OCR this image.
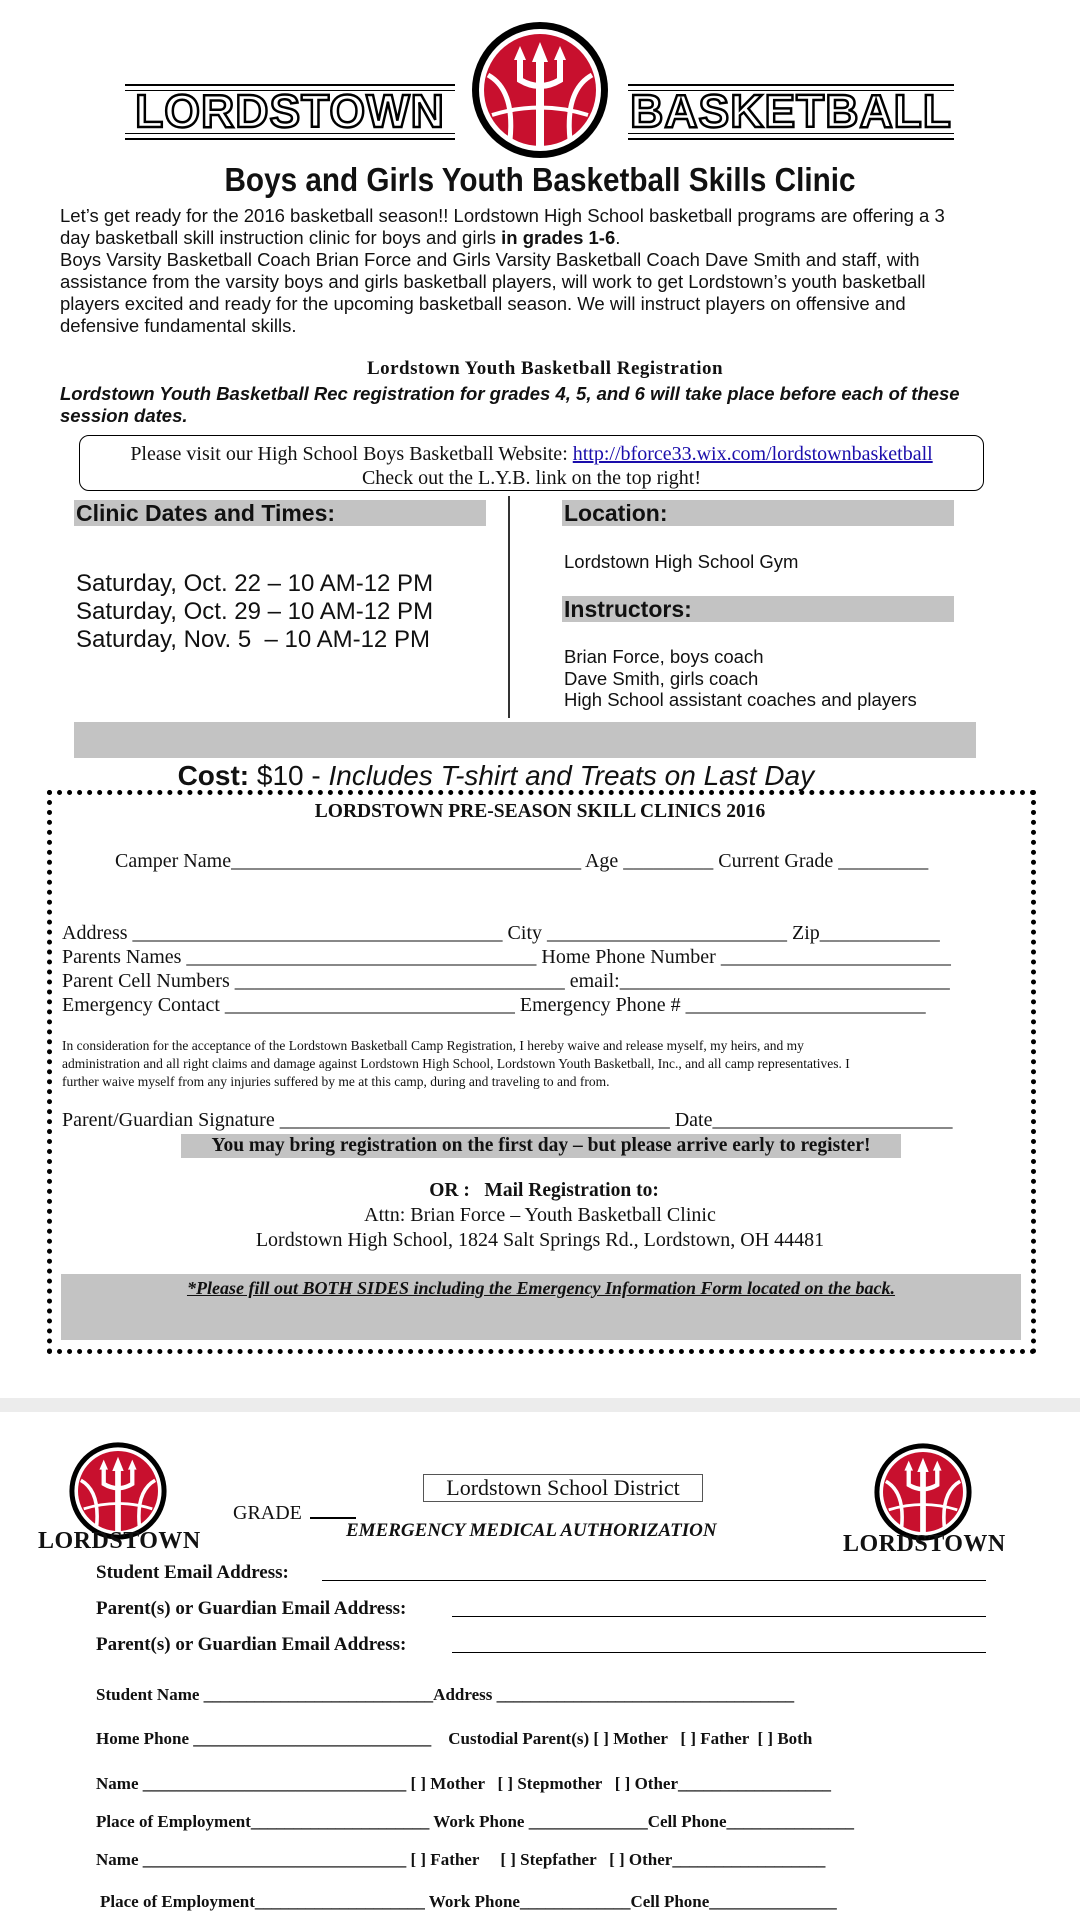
LORDSTOWN	BASKETBALL
Boys and Girls Youth Basketball Skills Clinic
Let’s get ready for the 2016 basketball season!! Lordstown High School basketball programs are offering a 3
day basketball skill instruction clinic for boys and girls in grades 1-6.
Boys Varsity Basketball Coach Brian Force and Girls Varsity Basketball Coach Dave Smith and staff, with
assistance from the varsity boys and girls basketball players, will work to get Lordstown’s youth basketball
players excited and ready for the upcoming basketball season. We will instruct players on offensive and
defensive fundamental skills.
Lordstown Youth Basketball Registration
Lordstown Youth Basketball Rec registration for grades 4, 5, and 6 will take place before each of these
session dates.
Please visit our High School Boys Basketball Website: http://bforce33.wix.com/lordstownbasketball
Check out the L.Y.B. link on the top right!
Clinic Dates and Times:
Saturday, Oct. 22 – 10 AM-12 PM
Saturday, Oct. 29 – 10 AM-12 PM
Saturday, Nov. 5  – 10 AM-12 PM
Location:
Lordstown High School Gym
Instructors:
Brian Force, boys coach
Dave Smith, girls coach
High School assistant coaches and players

Cost: $10 - Includes T-shirt and Treats on Last Day

LORDSTOWN PRE-SEASON SKILL CLINICS 2016
Camper Name___________________________________ Age _________ Current Grade _________
Address _____________________________________ City ________________________ Zip____________
Parents Names ___________________________________ Home Phone Number _______________________
Parent Cell Numbers _________________________________ email:_________________________________
Emergency Contact _____________________________ Emergency Phone # ________________________
In consideration for the acceptance of the Lordstown Basketball Camp Registration, I hereby waive and release myself, my heirs, and my
administration and all right claims and damage against Lordstown High School, Lordstown Youth Basketball, Inc., and all camp representatives. I
further waive myself from any injuries suffered by me at this camp, during and traveling to and from.
Parent/Guardian Signature _______________________________________ Date________________________
You may bring registration on the first day – but please arrive early to register!
OR :   Mail Registration to:
Attn: Brian Force – Youth Basketball Clinic
Lordstown High School, 1824 Salt Springs Rd., Lordstown, OH 44481
*Please fill out BOTH SIDES including the Emergency Information Form located on the back.
LORDSTOWN	LORDSTOWN

GRADE

Lordstown School District
EMERGENCY MEDICAL AUTHORIZATION
Student Email Address:
Parent(s) or Guardian Email Address:
Parent(s) or Guardian Email Address:
Student Name ___________________________Address ___________________________________
Home Phone ____________________________    Custodial Parent(s) [ ] Mother   [ ] Father  [ ] Both
Name _______________________________ [ ] Mother   [ ] Stepmother   [ ] Other__________________
Place of Employment_____________________ Work Phone ______________Cell Phone_______________
Name _______________________________ [ ] Father     [ ] Stepfather   [ ] Other__________________
Place of Employment____________________ Work Phone_____________Cell Phone_______________
